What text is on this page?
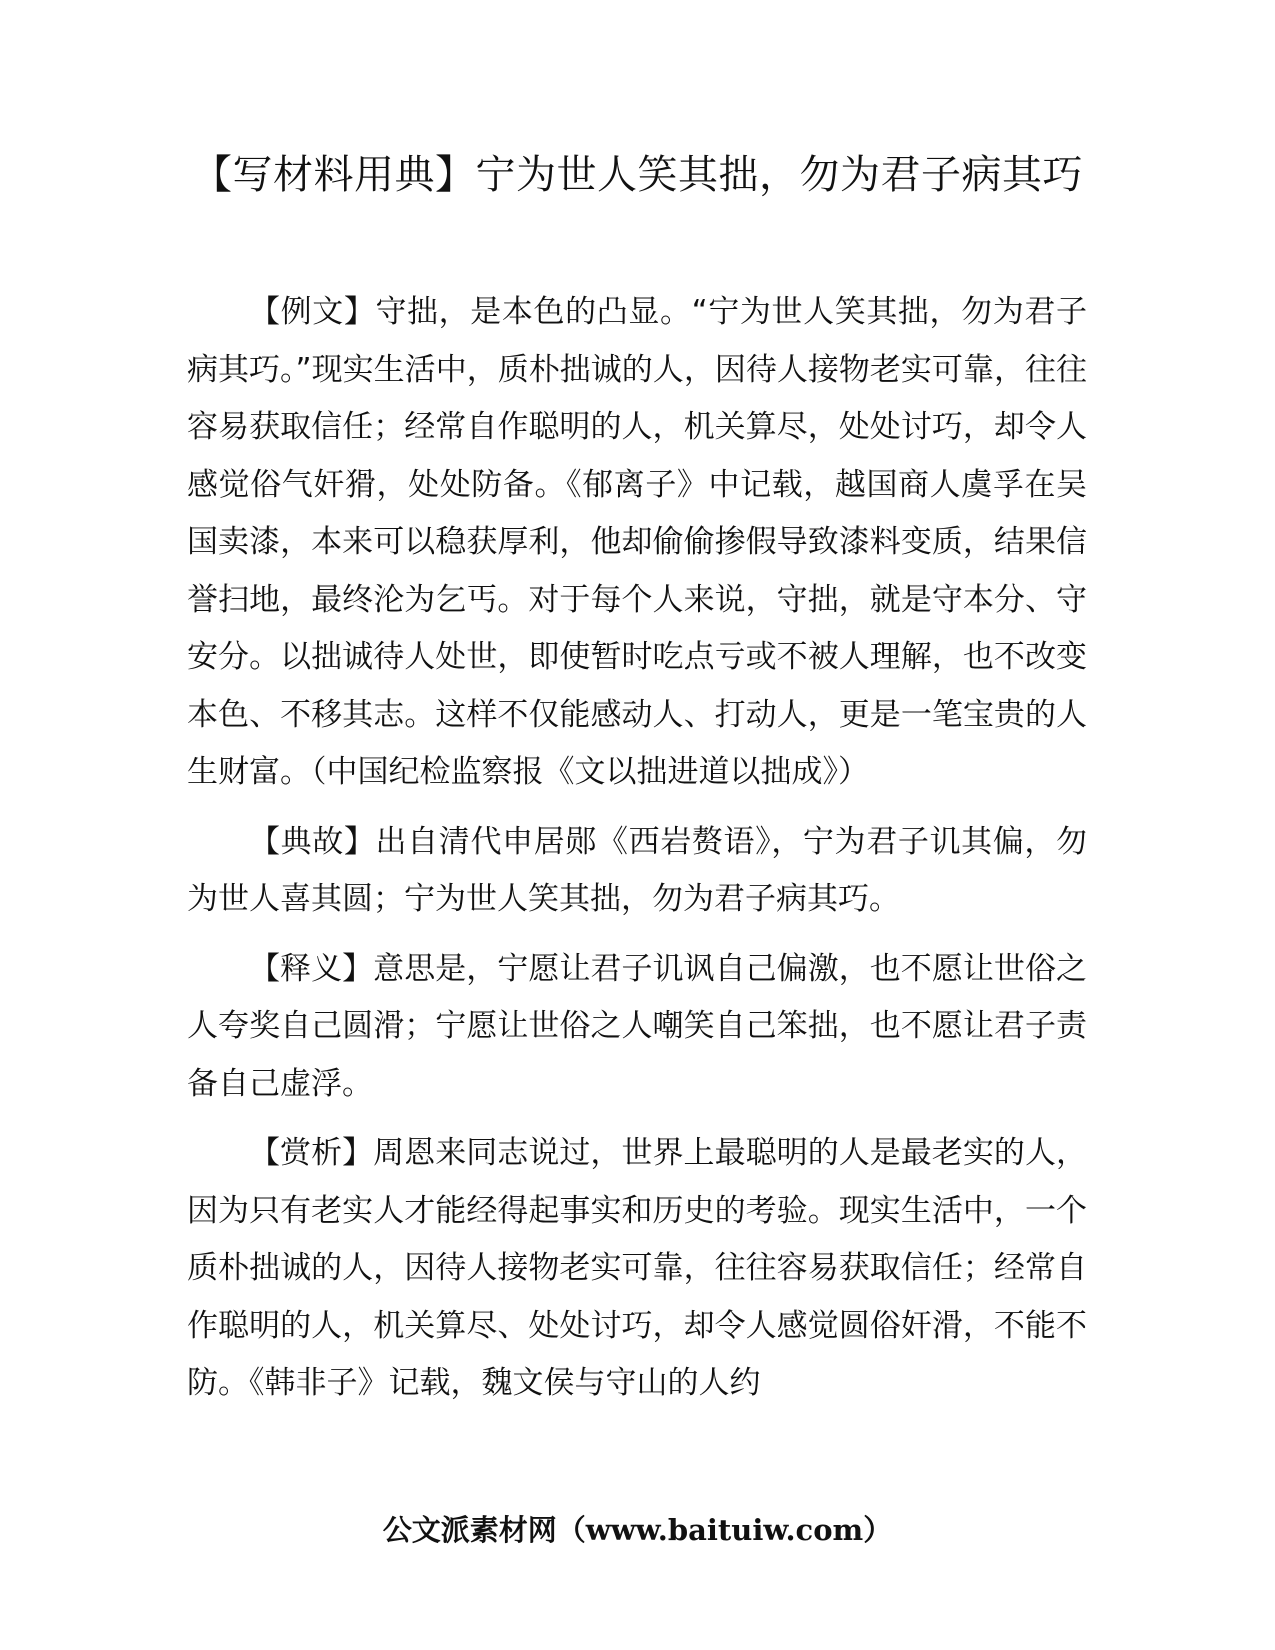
【写材料用典】宁为世人笑其拙，勿为君子病其巧

【例文】守拙，是本色的凸显。“宁为世人笑其拙，勿为君子病其巧。”现实生活中，质朴拙诚的人，因待人接物老实可靠，往往容易获取信任；经常自作聪明的人，机关算尽，处处讨巧，却令人感觉俗气奸猾，处处防备。《郁离子》中记载，越国商人虞孚在吴国卖漆，本来可以稳获厚利，他却偷偷掺假导致漆料变质，结果信誉扫地，最终沦为乞丐。对于每个人来说，守拙，就是守本分、守安分。以拙诚待人处世，即使暂时吃点亏或不被人理解，也不改变本色、不移其志。这样不仅能感动人、打动人，更是一笔宝贵的人生财富。（中国纪检监察报《文以拙进道以拙成》）

【典故】出自清代申居郧《西岩赘语》，宁为君子讥其偏，勿为世人喜其圆；宁为世人笑其拙，勿为君子病其巧。

【释义】意思是，宁愿让君子讥讽自己偏激，也不愿让世俗之人夸奖自己圆滑；宁愿让世俗之人嘲笑自己笨拙，也不愿让君子责备自己虚浮。

【赏析】周恩来同志说过，世界上最聪明的人是最老实的人，因为只有老实人才能经得起事实和历史的考验。现实生活中，一个质朴拙诚的人，因待人接物老实可靠，往往容易获取信任；经常自作聪明的人，机关算尽、处处讨巧，却令人感觉圆俗奸滑，不能不防。《韩非子》记载，魏文侯与守山的人约

公文派素材网（www.baituiw.com）
